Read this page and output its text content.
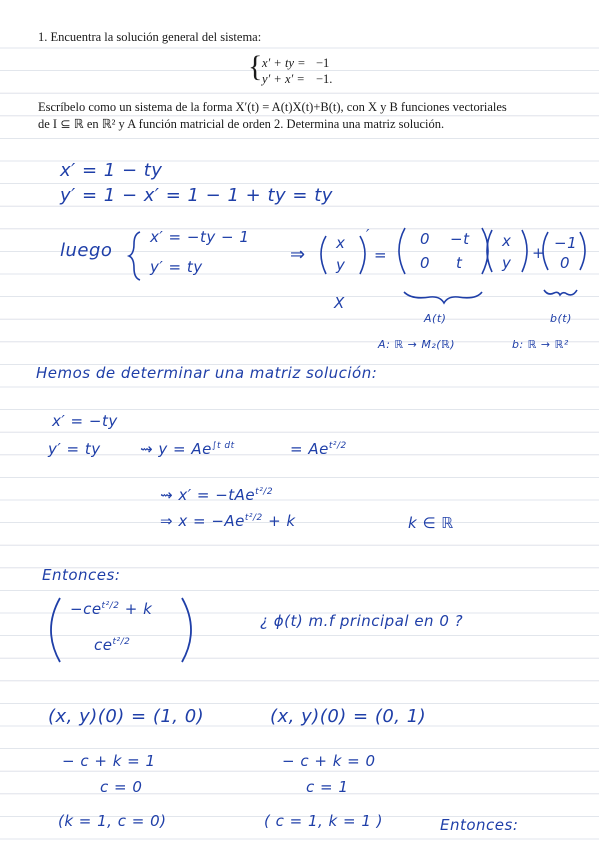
1. Encuentra la solución general del sistema:
{ x′ + ty = −1
y′ + x′ = −1.
Escríbelo como un sistema de la forma X′(t) = A(t)X(t)+B(t), con X y B funciones vectoriales
de I ⊆ ℝ en ℝ² y A función matricial de orden 2. Determina una matriz solución.
x′ = 1 − ty
y′ = 1 − x′ = 1 − 1 + ty = ty
luego
x′ = −ty − 1
y′ = ty
⇒
x
y
′
=
0 −t
0 t
x
y
+
−1
0
X
A(t)	b(t)
A: ℝ → M₂(ℝ)	b: ℝ → ℝ²
Hemos de determinar una matriz solución:
x′ = −ty
y′ = ty	⇝ $y = Ae^{\int t dt}$	= $Ae^{t^2/2}$
⇝ x′ = −tAe$^{t^2/2}$
⇒ $x = -Ae^{t^2/2} + k$	k ∈ ℝ
Entonces:
$-ce^{t^2/2} + k$
$ce^{t^2/2}$
¿ ϕ(t) m.f principal en 0 ?
(x, y)(0) = (1, 0)
− c + k = 1
c = 0
(k = 1, c = 0)
(x, y)(0) = (0, 1)
− c + k = 0
c = 1
( c = 1, k = 1 )	Entonces:
